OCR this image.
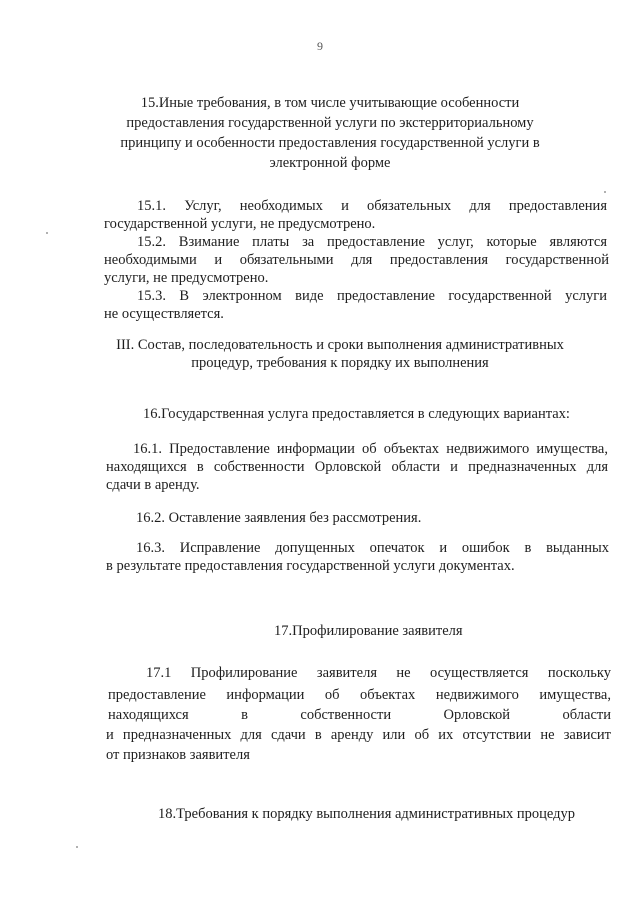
9
15.Иные требования, в том числе учитывающие особенности
предоставления государственной услуги по экстерриториальному
принципу и особенности предоставления государственной услуги в
электронной форме
15.1. Услуг, необходимых и обязательных для предоставления
государственной услуги, не предусмотрено.
15.2. Взимание платы за предоставление услуг, которые являются
необходимыми и обязательными для предоставления государственной
услуги, не предусмотрено.
15.3. В электронном виде предоставление государственной услуги
не осуществляется.
III. Состав, последовательность и сроки выполнения административных
процедур, требования к порядку их выполнения
16.Государственная услуга предоставляется в следующих вариантах:
16.1. Предоставление информации об объектах недвижимого имущества,
находящихся в собственности Орловской области и предназначенных для
сдачи в аренду.
16.2. Оставление заявления без рассмотрения.
16.3. Исправление допущенных опечаток и ошибок в выданных
в результате предоставления государственной услуги документах.
17.Профилирование заявителя
17.1 Профилирование заявителя не осуществляется поскольку
предоставление информации об объектах недвижимого имущества,
находящихся в собственности Орловской области
и предназначенных для сдачи в аренду или об их отсутствии не зависит
от признаков заявителя
18.Требования к порядку выполнения административных процедур
